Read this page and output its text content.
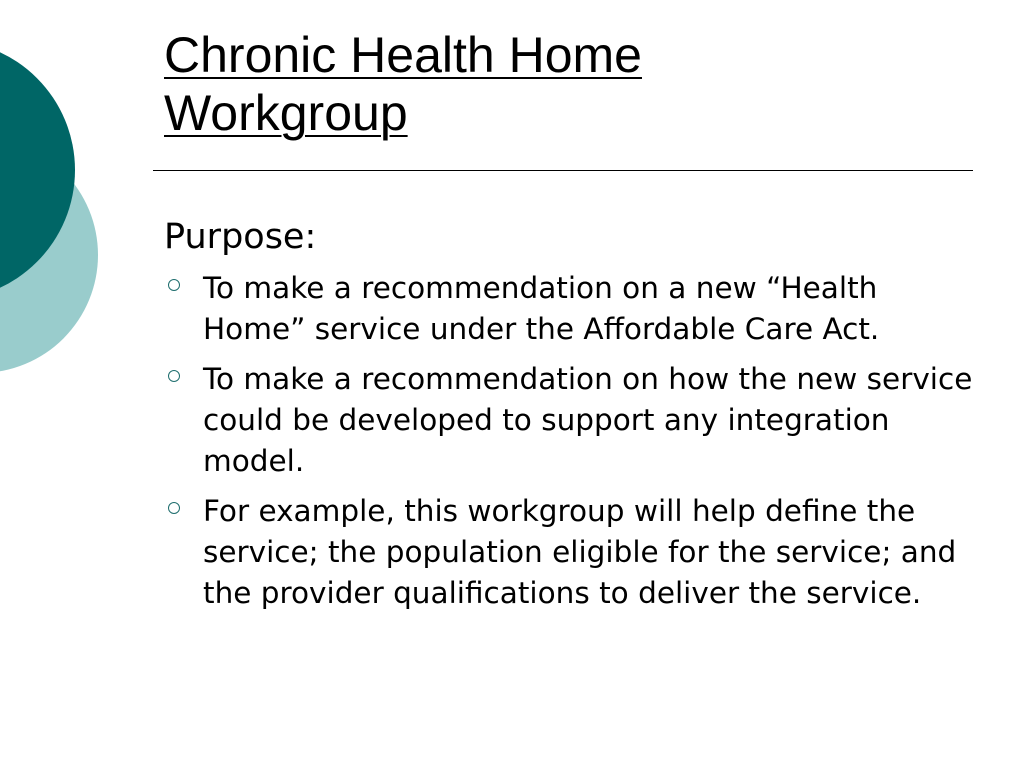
Chronic Health Home
Workgroup
Purpose:
To make a recommendation on a new “Health Home” service under the Affordable Care Act.
To make a recommendation on how the new service could be developed to support any integration model.
For example, this workgroup will help define the service; the population eligible for the service; and the provider qualifications to deliver the service.
